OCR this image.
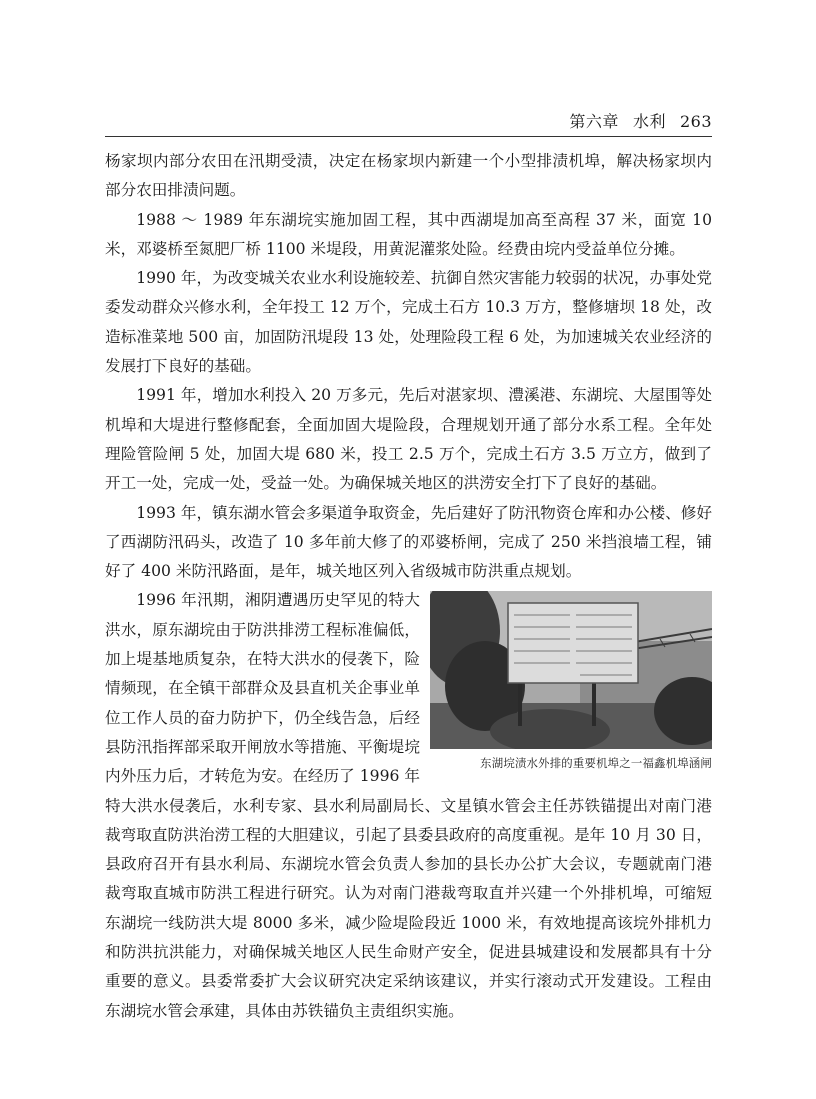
第六章 水利 263

杨家坝内部分农田在汛期受渍，决定在杨家坝内新建一个小型排渍机埠，解决杨家坝内部分农田排渍问题。

1988 ～ 1989 年东湖垸实施加固工程，其中西湖堤加高至高程 37 米，面宽 10 米，邓婆桥至氮肥厂桥 1100 米堤段，用黄泥灌浆处险。经费由垸内受益单位分摊。

1990 年，为改变城关农业水利设施较差、抗御自然灾害能力较弱的状况，办事处党委发动群众兴修水利，全年投工 12 万个，完成土石方 10.3 万方，整修塘坝 18 处，改造标准菜地 500 亩，加固防汛堤段 13 处，处理险段工程 6 处，为加速城关农业经济的发展打下良好的基础。

1991 年，增加水利投入 20 万多元，先后对湛家坝、澧溪港、东湖垸、大屋围等处机埠和大堤进行整修配套，全面加固大堤险段，合理规划开通了部分水系工程。全年处理险管险闸 5 处，加固大堤 680 米，投工 2.5 万个，完成土石方 3.5 万立方，做到了开工一处，完成一处，受益一处。为确保城关地区的洪涝安全打下了良好的基础。

1993 年，镇东湖水管会多渠道争取资金，先后建好了防汛物资仓库和办公楼、修好了西湖防汛码头，改造了 10 多年前大修了的邓婆桥闸，完成了 250 米挡浪墙工程，铺好了 400 米防汛路面，是年，城关地区列入省级城市防洪重点规划。

东湖垸渍水外排的重要机埠之一福鑫机埠涵闸

1996 年汛期，湘阴遭遇历史罕见的特大洪水，原东湖垸由于防洪排涝工程标准偏低，加上堤基地质复杂，在特大洪水的侵袭下，险情频现，在全镇干部群众及县直机关企事业单位工作人员的奋力防护下，仍全线告急，后经县防汛指挥部采取开闸放水等措施、平衡堤垸内外压力后，才转危为安。在经历了 1996 年特大洪水侵袭后，水利专家、县水利局副局长、文星镇水管会主任苏铁锚提出对南门港裁弯取直防洪治涝工程的大胆建议，引起了县委县政府的高度重视。是年 10 月 30 日，县政府召开有县水利局、东湖垸水管会负责人参加的县长办公扩大会议，专题就南门港裁弯取直城市防洪工程进行研究。认为对南门港裁弯取直并兴建一个外排机埠，可缩短东湖垸一线防洪大堤 8000 多米，减少险堤险段近 1000 米，有效地提高该垸外排机力和防洪抗洪能力，对确保城关地区人民生命财产安全，促进县城建设和发展都具有十分重要的意义。县委常委扩大会议研究决定采纳该建议，并实行滚动式开发建设。工程由东湖垸水管会承建，具体由苏铁锚负主责组织实施。
